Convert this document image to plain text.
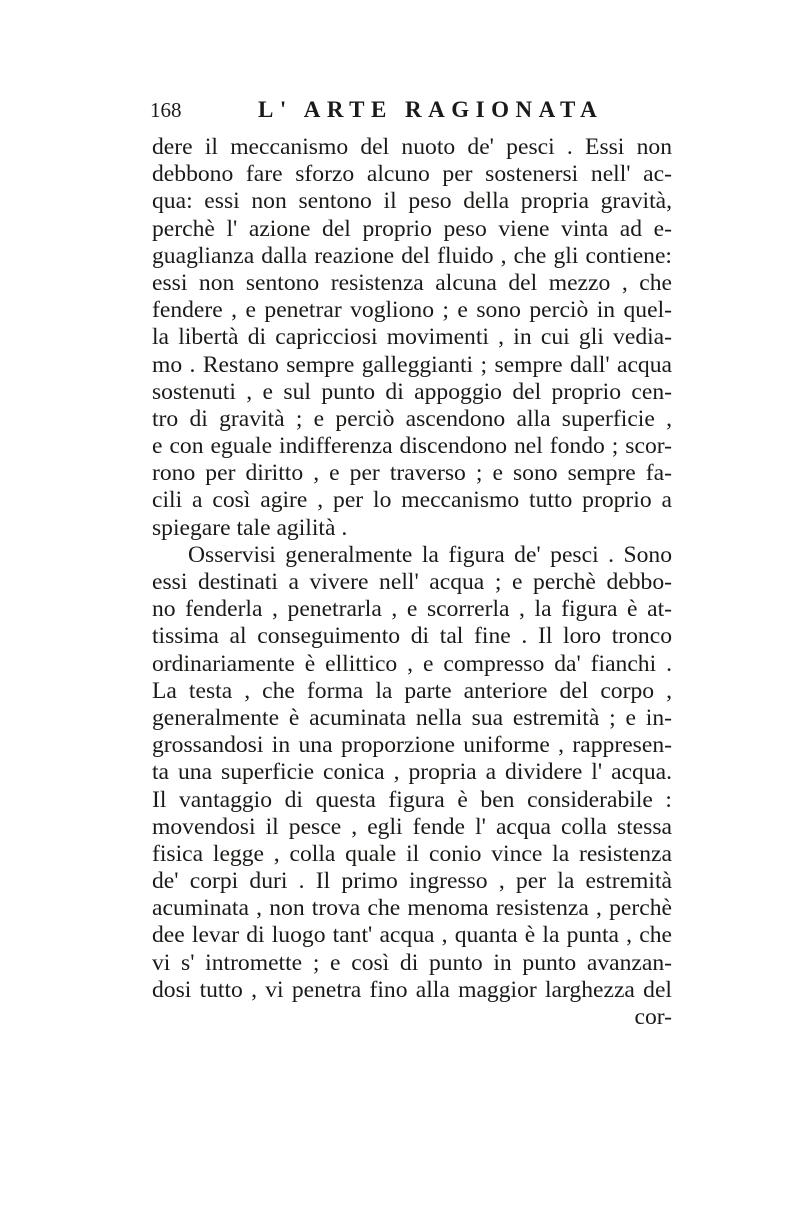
168	L' ARTE RAGIONATA
dere il meccanismo del nuoto de' pesci . Essi non
debbono fare sforzo alcuno per sostenersi nell' ac-
qua: essi non sentono il peso della propria gravità,
perchè l' azione del proprio peso viene vinta ad e-
guaglianza dalla reazione del fluido , che gli contiene:
essi non sentono resistenza alcuna del mezzo , che
fendere , e penetrar vogliono ; e sono perciò in quel-
la libertà di capricciosi movimenti , in cui gli vedia-
mo . Restano sempre galleggianti ; sempre dall' acqua
sostenuti , e sul punto di appoggio del proprio cen-
tro di gravità ; e perciò ascendono alla superficie ,
e con eguale indifferenza discendono nel fondo ; scor-
rono per diritto , e per traverso ; e sono sempre fa-
cili a così agire , per lo meccanismo tutto proprio a
spiegare tale agilità .
Osservisi generalmente la figura de' pesci . Sono
essi destinati a vivere nell' acqua ; e perchè debbo-
no fenderla , penetrarla , e scorrerla , la figura è at-
tissima al conseguimento di tal fine . Il loro tronco
ordinariamente è ellittico , e compresso da' fianchi .
La testa , che forma la parte anteriore del corpo ,
generalmente è acuminata nella sua estremità ; e in-
grossandosi in una proporzione uniforme , rappresen-
ta una superficie conica , propria a dividere l' acqua.
Il vantaggio di questa figura è ben considerabile :
movendosi il pesce , egli fende l' acqua colla stessa
fisica legge , colla quale il conio vince la resistenza
de' corpi duri . Il primo ingresso , per la estremità
acuminata , non trova che menoma resistenza , perchè
dee levar di luogo tant' acqua , quanta è la punta , che
vi s' intromette ; e così di punto in punto avanzan-
dosi tutto , vi penetra fino alla maggior larghezza del
cor-
